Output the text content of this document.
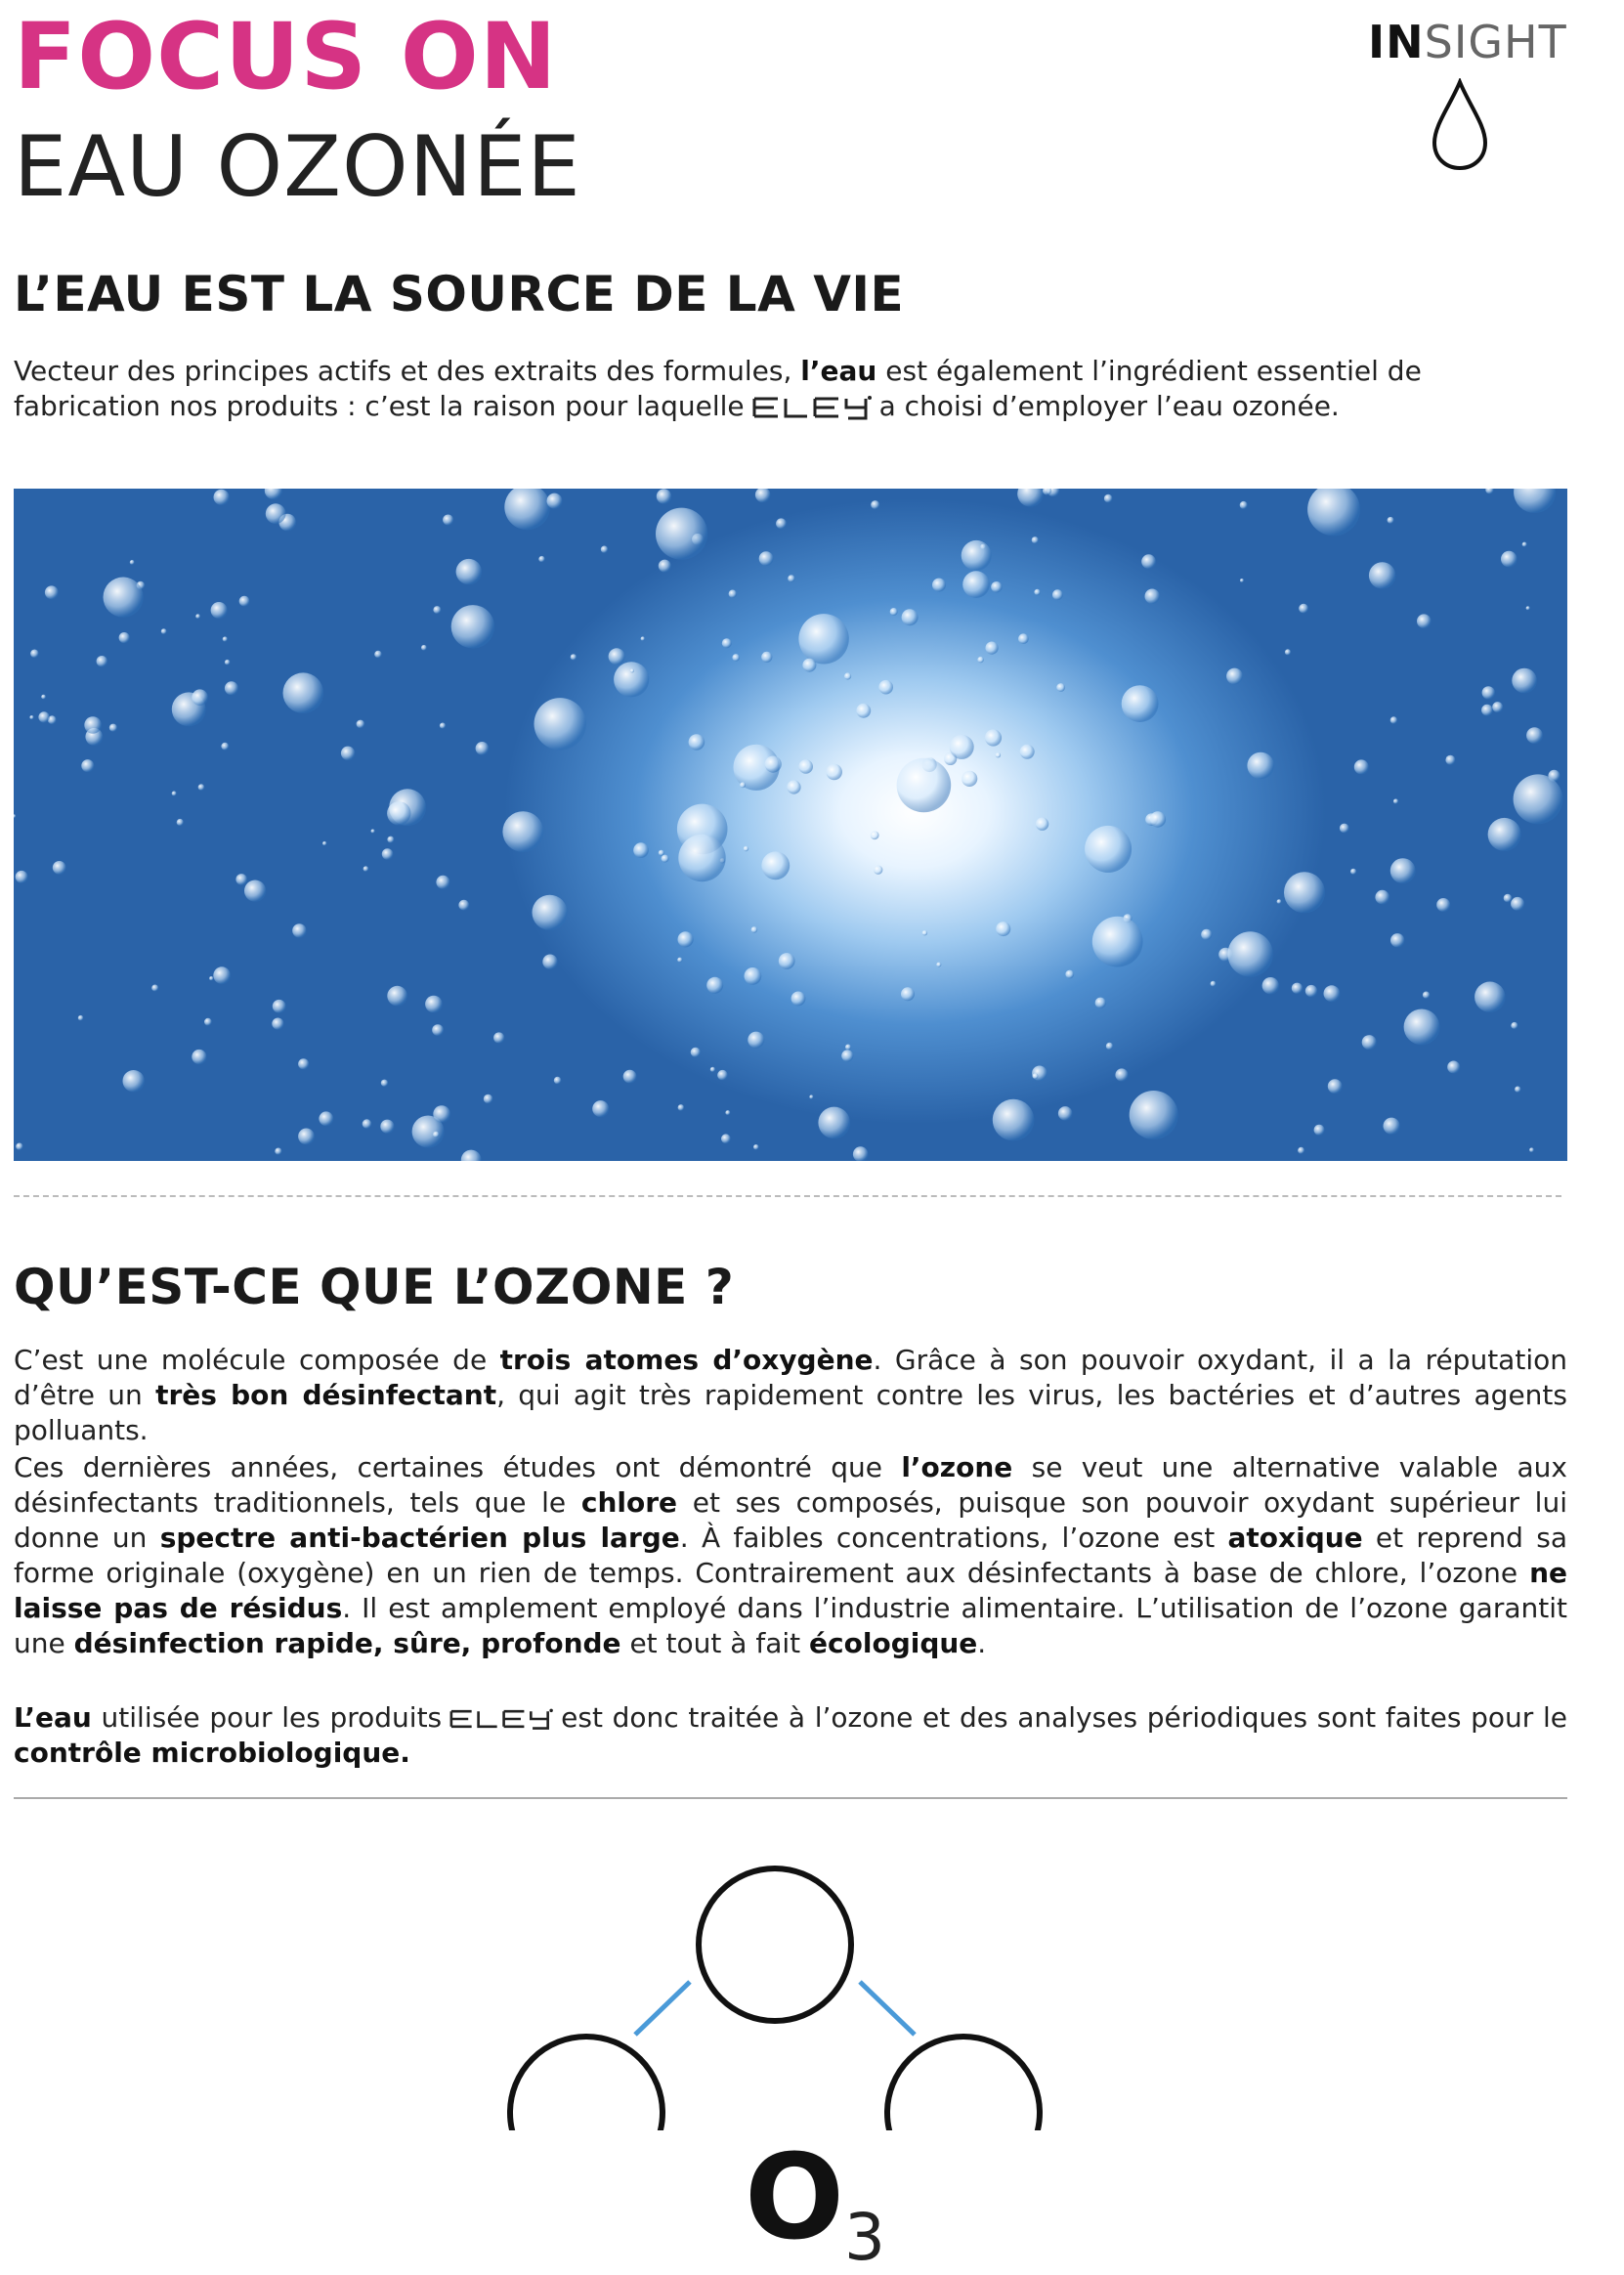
FOCUS ON
EAU OZONÉE
INSIGHT
L’EAU EST LA SOURCE DE LA VIE

Vecteur des principes actifs et des extraits des formules, l’eau est également l’ingrédient essentiel de fabrication nos produits : c’est la raison pour laquelle	a choisi d’employer l’eau ozonée.

QU’EST-CE QUE L’OZONE ?

C’est une molécule composée de trois atomes d’oxygène. Grâce à son pouvoir oxydant, il a la réputation d’être un très bon désinfectant, qui agit très rapidement contre les virus, les bactéries et d’autres agents polluants.

Ces dernières années, certaines études ont démontré que l’ozone se veut une alternative valable aux désinfectants traditionnels, tels que le chlore et ses composés, puisque son pouvoir oxydant supérieur lui donne un spectre anti-bactérien plus large. À faibles concentrations, l’ozone est atoxique et reprend sa forme originale (oxygène) en un rien de temps. Contrairement aux désinfectants à base de chlore, l’ozone ne laisse pas de résidus. Il est amplement employé dans l’industrie alimentaire. L’utilisation de l’ozone garantit une désinfection rapide, sûre, profonde et tout à fait écologique.

L’eau utilisée pour les produits	est donc traitée à l’ozone et des analyses périodiques sont faites pour le contrôle microbiologique.

O3
